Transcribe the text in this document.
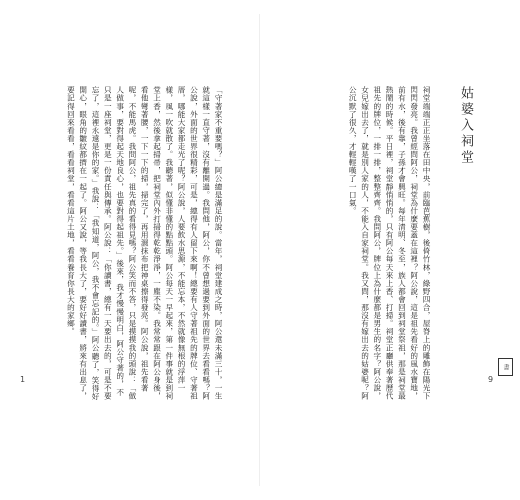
「守著家不重要嗎？」阿公總是滿足的說。當年，祠堂建成之時，阿公還未滿三十，一生就這樣一直守著，沒有離開過。我問他，阿公，你不曾想過要到外面的世界去看看嗎？阿公說，外面的世界很精彩，可是，總得有人留下來啊！總要有人守著祖先的牌位、守著祖厝，哪能大家都走光了呢？阿公說，人要飲水思源，不能忘本，不然就像無根的浮萍一樣，風一吹就散了。我聽著，似懂非懂的點點頭。阿公每天一早起來，第一件事就是到祠堂上香，然後拿起掃帚，把祠堂內外打掃得乾乾淨淨，一塵不染。我常常跟在阿公身後，看他彎著腰，一下一下的掃，掃完了，再用濕抹布把神桌擦得發亮。阿公說，祖先看著呢，不能馬虎。我問阿公，祖先真的看得見嗎？阿公笑而不答，只是摸摸我的頭說：「做人做事，要對得起天地良心，也要對得起祖先。」後來，我才慢慢明白，阿公守著的，不只是一座祠堂，更是一份責任與傳承。阿公說：「你讀書，總有一天要出去的，可是不要忘了，這裡永遠是你的家。」我說：「我知道，阿公，我不會忘記的。」阿公聽了，笑得好開心，眼角的皺紋都擠在一起了。阿公又說，等我長大了，要好好讀書，將來有出息了，要記得回來看看，看看祠堂，看看這片土地，看看養育你長大的家鄉。
1
姑婆入祠堂
祠堂端端正正坐落在田中央，前臨芭蕉樹，後倚竹林，綠野四合，屋脊上的雕飾在陽光下閃閃發亮。我曾經問阿公，祠堂為什麼要蓋在這裡？阿公說，這是祖先看好的風水寶地，前有水，後有靠，子孫才會興旺。每年清明、冬至，族人都會回到祠堂祭祖，那是祠堂最熱鬧的時候。平日裡，祠堂靜悄悄的，只有阿公每天來上香、打掃。祠堂正廳供奉著歷代祖先的牌位，一排一排，整整齊齊。我問阿公，牌位上為什麼都是男生的名字？阿公說，女兒嫁出去了，就是別人家的人，不能入自家祠堂。我又問，那沒有嫁出去的姑婆呢？阿公沉默了很久，才輕輕嘆了一口氣。
9
書
